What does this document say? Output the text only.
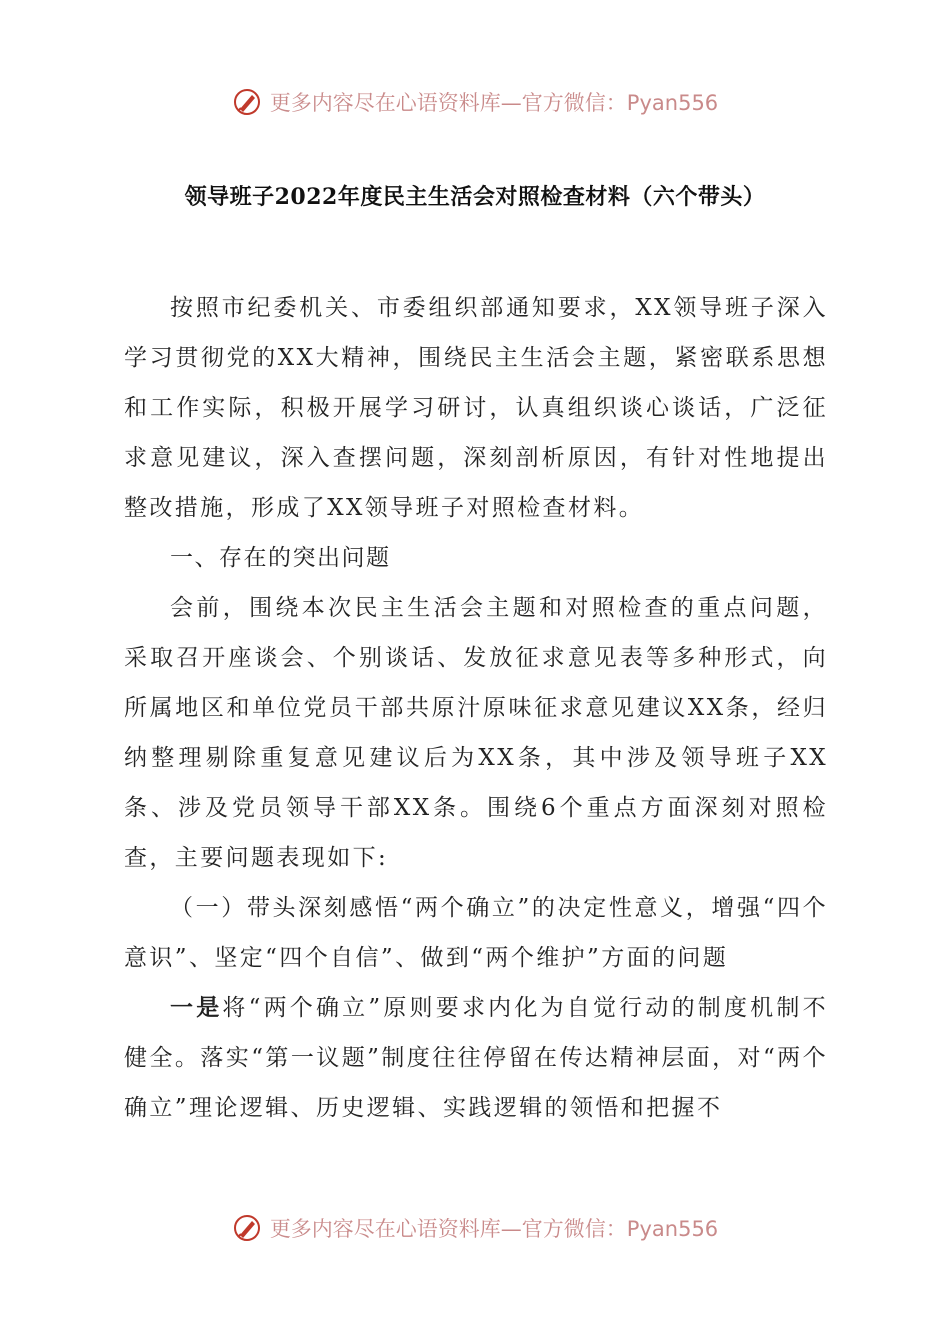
更多内容尽在心语资料库—官方微信：Pyan556
领导班子2022年度民主生活会对照检查材料（六个带头）

按照市纪委机关、市委组织部通知要求，XX领导班子深入学习贯彻党的XX大精神，围绕民主生活会主题，紧密联系思想和工作实际，积极开展学习研讨，认真组织谈心谈话，广泛征求意见建议，深入查摆问题，深刻剖析原因，有针对性地提出整改措施，形成了XX领导班子对照检查材料。

一、存在的突出问题

会前，围绕本次民主生活会主题和对照检查的重点问题，采取召开座谈会、个别谈话、发放征求意见表等多种形式，向所属地区和单位党员干部共原汁原味征求意见建议XX条，经归纳整理剔除重复意见建议后为XX条，其中涉及领导班子XX条、涉及党员领导干部XX条。围绕6个重点方面深刻对照检查，主要问题表现如下:

（一）带头深刻感悟“两个确立”的决定性意义，增强“四个意识”、坚定“四个自信”、做到“两个维护”方面的问题

一是将“两个确立”原则要求内化为自觉行动的制度机制不健全。落实“第一议题”制度往往停留在传达精神层面，对“两个确立”理论逻辑、历史逻辑、实践逻辑的领悟和把握不

更多内容尽在心语资料库—官方微信：Pyan556
